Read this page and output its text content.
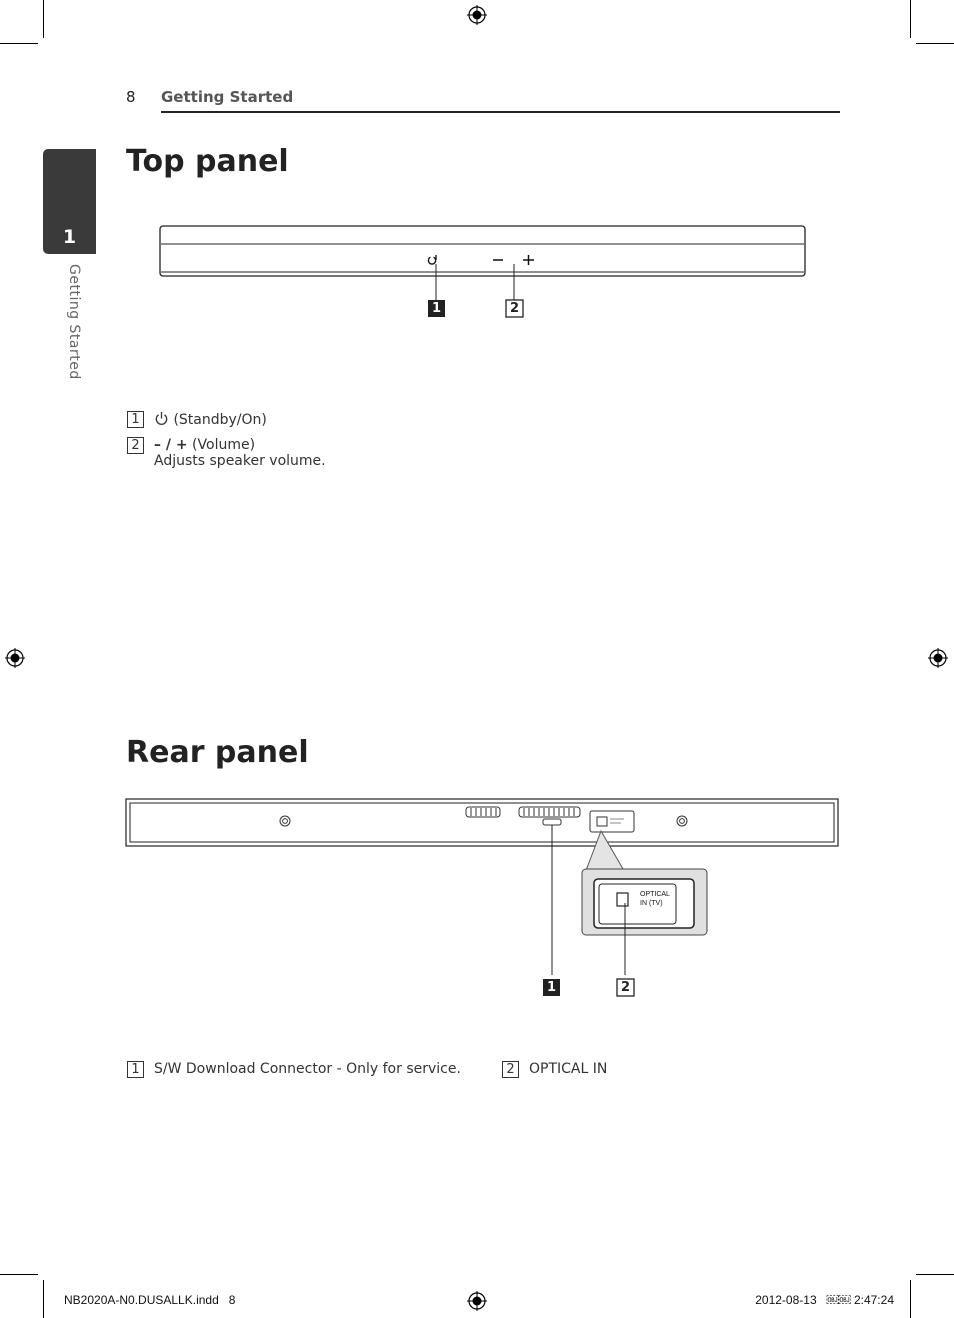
8 Getting Started
1
Getting Started
Top panel
1	2
1	(Standby/On)
2	– / + (Volume)
Adjusts speaker volume.
Rear panel
OPTICAL
IN (TV)
1	2
1	S/W Download Connector - Only for service.	2	OPTICAL IN
NB2020A-N0.DUSALLK.indd   8	2012-08-13   ￼￼ 2:47:24
